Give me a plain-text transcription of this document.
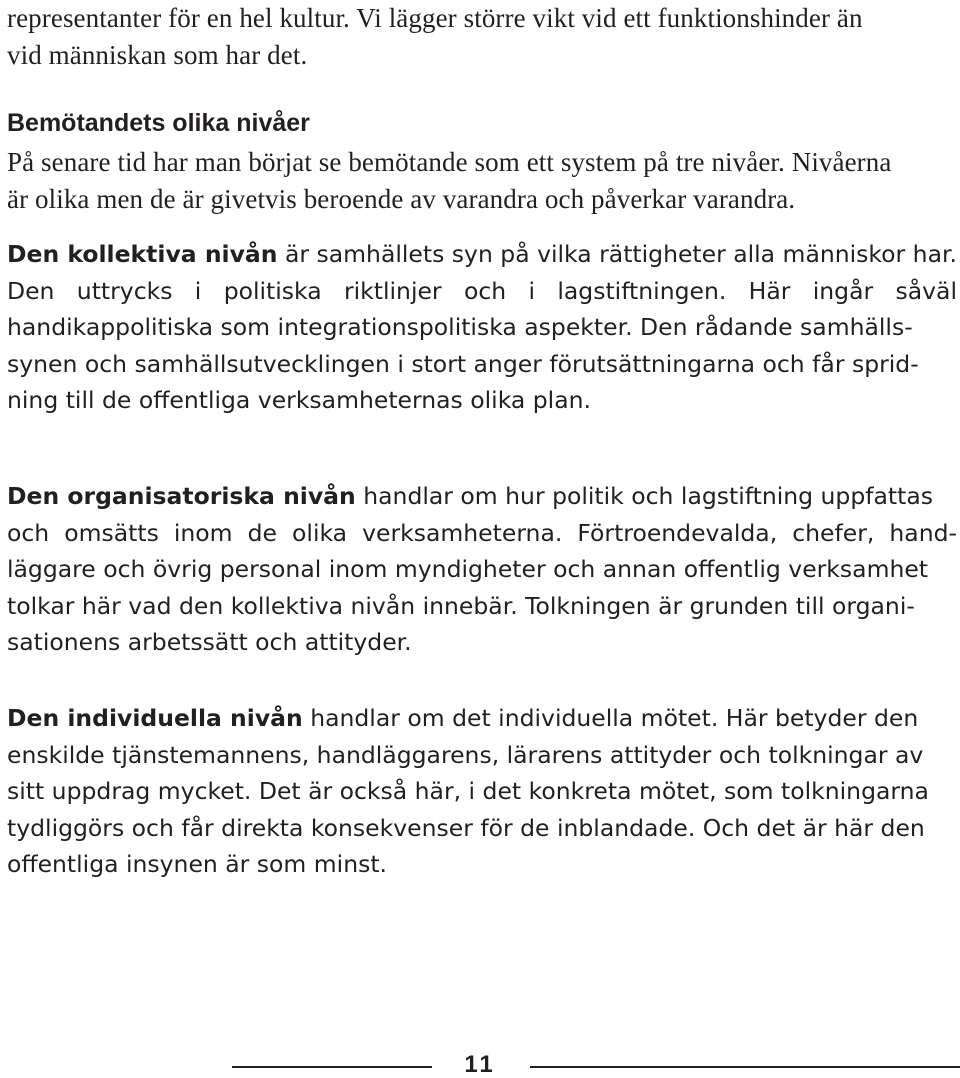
representanter för en hel kultur. Vi lägger större vikt vid ett funktionshinder än
vid människan som har det.
Bemötandets olika nivåer
På senare tid har man börjat se bemötande som ett system på tre nivåer. Nivåerna
är olika men de är givetvis beroende av varandra och påverkar varandra.
Den kollektiva nivån är samhällets syn på vilka rättigheter alla människor har.
Den uttrycks i politiska riktlinjer och i lagstiftningen. Här ingår såväl
handikappolitiska som integrationspolitiska aspekter. Den rådande samhälls-
synen och samhällsutvecklingen i stort anger förutsättningarna och får sprid-
ning till de offentliga verksamheternas olika plan.
Den organisatoriska nivån handlar om hur politik och lagstiftning uppfattas
och omsätts inom de olika verksamheterna. Förtroendevalda, chefer, hand-
läggare och övrig personal inom myndigheter och annan offentlig verksamhet
tolkar här vad den kollektiva nivån innebär. Tolkningen är grunden till organi-
sationens arbetssätt och attityder.
Den individuella nivån handlar om det individuella mötet. Här betyder den
enskilde tjänstemannens, handläggarens, lärarens attityder och tolkningar av
sitt uppdrag mycket. Det är också här, i det konkreta mötet, som tolkningarna
tydliggörs och får direkta konsekvenser för de inblandade. Och det är här den
offentliga insynen är som minst.
11
